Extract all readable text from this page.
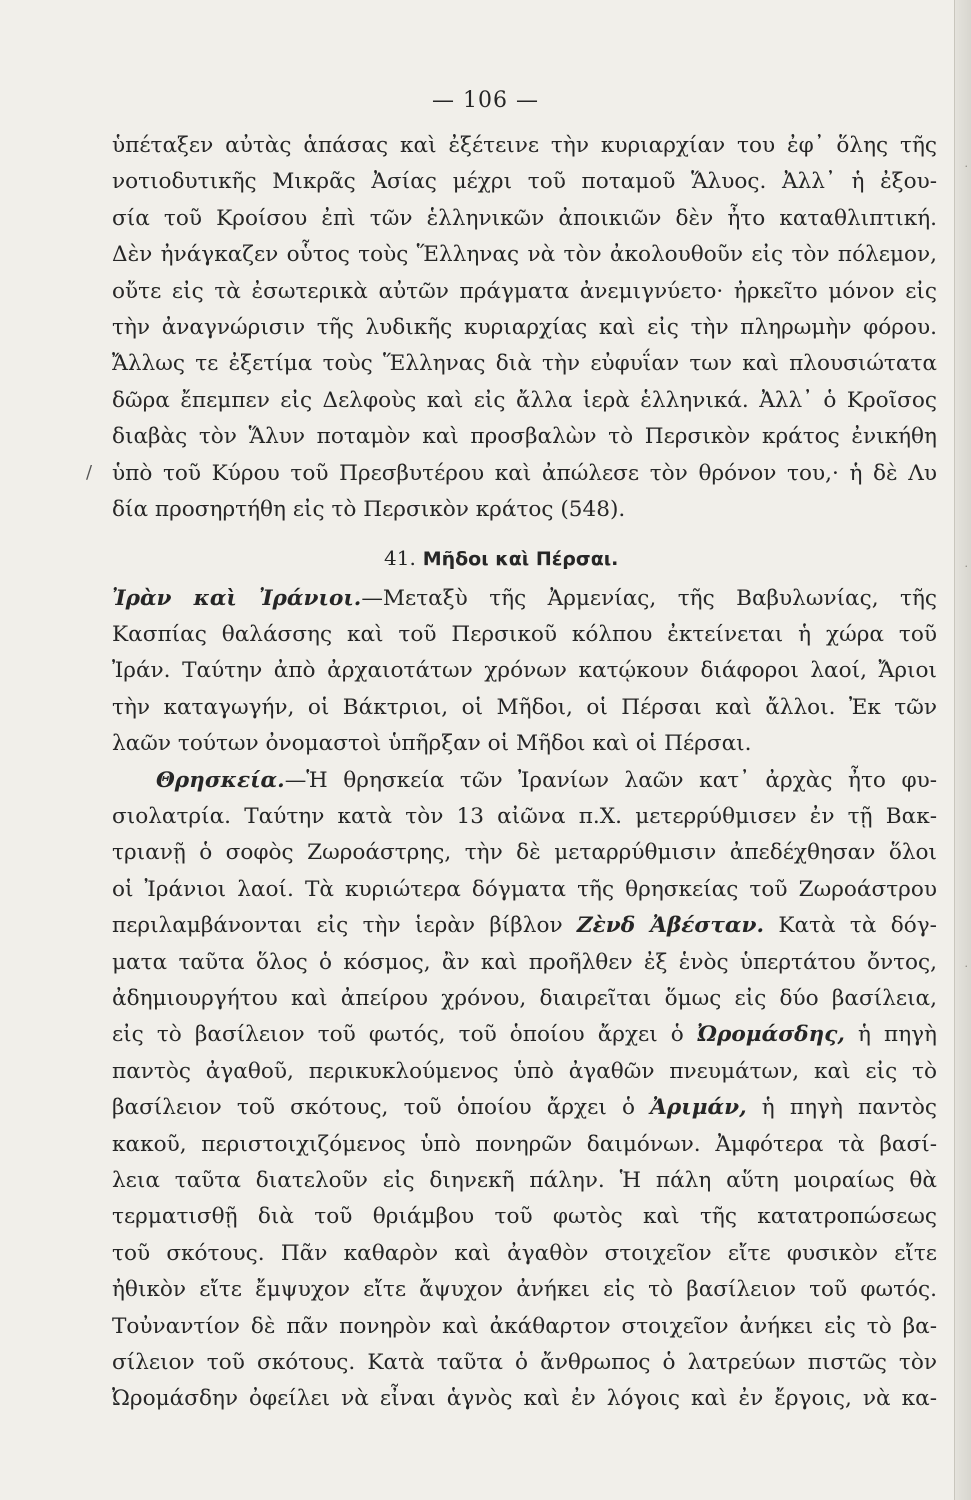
·
·
·
— 106 —
/
ὑπέταξεν αὐτὰς ἁπάσας καὶ ἐξέτεινε τὴν κυριαρχίαν του ἐφ᾽ ὅλης τῆς
νοτιοδυτικῆς Μικρᾶς Ἀσίας μέχρι τοῦ ποταμοῦ Ἅλυος. Ἀλλ᾽ ἡ ἐξου-
σία τοῦ Κροίσου ἐπὶ τῶν ἑλληνικῶν ἀποικιῶν δὲν ἦτο καταθλιπτική.
Δὲν ἠνάγκαζεν οὗτος τοὺς Ἕλληνας νὰ τὸν ἀκολουθοῦν εἰς τὸν πόλεμον,
οὔτε εἰς τὰ ἐσωτερικὰ αὐτῶν πράγματα ἀνεμιγνύετο· ἠρκεῖτο μόνον εἰς
τὴν ἀναγνώρισιν τῆς λυδικῆς κυριαρχίας καὶ εἰς τὴν πληρωμὴν φόρου.
Ἄλλως τε ἐξετίμα τοὺς Ἕλληνας διὰ τὴν εὐφυΐαν των καὶ πλουσιώτατα
δῶρα ἔπεμπεν εἰς Δελφοὺς καὶ εἰς ἄλλα ἱερὰ ἑλληνικά. Ἀλλ᾽ ὁ Κροῖσος
διαβὰς τὸν Ἅλυν ποταμὸν καὶ προσβαλὼν τὸ Περσικὸν κράτος ἐνικήθη
ὑπὸ τοῦ Κύρου τοῦ Πρεσβυτέρου καὶ ἀπώλεσε τὸν θρόνον του,· ἡ δὲ Λυ
δία προσηρτήθη εἰς τὸ Περσικὸν κράτος (548).
41. Μῆδοι καὶ Πέρσαι.
Ἰρὰν καὶ Ἰράνιοι.—Μεταξὺ τῆς Ἀρμενίας, τῆς Βαβυλωνίας, τῆς
Κασπίας θαλάσσης καὶ τοῦ Περσικοῦ κόλπου ἐκτείνεται ἡ χώρα τοῦ
Ἰράν. Ταύτην ἀπὸ ἀρχαιοτάτων χρόνων κατῴκουν διάφοροι λαοί, Ἄριοι
τὴν καταγωγήν, οἱ Βάκτριοι, οἱ Μῆδοι, οἱ Πέρσαι καὶ ἄλλοι. Ἐκ τῶν
λαῶν τούτων ὀνομαστοὶ ὑπῆρξαν οἱ Μῆδοι καὶ οἱ Πέρσαι.
Θρησκεία.—Ἡ θρησκεία τῶν Ἰρανίων λαῶν κατ᾽ ἀρχὰς ἦτο φυ-
σιολατρία. Ταύτην κατὰ τὸν 13 αἰῶνα π.Χ. μετερρύθμισεν ἐν τῇ Βακ-
τριανῇ ὁ σοφὸς Ζωροάστρης, τὴν δὲ μεταρρύθμισιν ἀπεδέχθησαν ὅλοι
οἱ Ἰράνιοι λαοί. Τὰ κυριώτερα δόγματα τῆς θρησκείας τοῦ Ζωροάστρου
περιλαμβάνονται εἰς τὴν ἱερὰν βίβλον Ζὲνδ Ἀβέσταν. Κατὰ τὰ δόγ-
ματα ταῦτα ὅλος ὁ κόσμος, ἂν καὶ προῆλθεν ἐξ ἑνὸς ὑπερτάτου ὄντος,
ἀδημιουργήτου καὶ ἀπείρου χρόνου, διαιρεῖται ὅμως εἰς δύο βασίλεια,
εἰς τὸ βασίλειον τοῦ φωτός, τοῦ ὁποίου ἄρχει ὁ Ὠρομάσδης, ἡ πηγὴ
παντὸς ἀγαθοῦ, περικυκλούμενος ὑπὸ ἀγαθῶν πνευμάτων, καὶ εἰς τὸ
βασίλειον τοῦ σκότους, τοῦ ὁποίου ἄρχει ὁ Ἀριμάν, ἡ πηγὴ παντὸς
κακοῦ, περιστοιχιζόμενος ὑπὸ πονηρῶν δαιμόνων. Ἀμφότερα τὰ βασί-
λεια ταῦτα διατελοῦν εἰς διηνεκῆ πάλην. Ἡ πάλη αὕτη μοιραίως θὰ
τερματισθῇ διὰ τοῦ θριάμβου τοῦ φωτὸς καὶ τῆς κατατροπώσεως
τοῦ σκότους. Πᾶν καθαρὸν καὶ ἀγαθὸν στοιχεῖον εἴτε φυσικὸν εἴτε
ἠθικὸν εἴτε ἔμψυχον εἴτε ἄψυχον ἀνήκει εἰς τὸ βασίλειον τοῦ φωτός.
Τοὐναντίον δὲ πᾶν πονηρὸν καὶ ἀκάθαρτον στοιχεῖον ἀνήκει εἰς τὸ βα-
σίλειον τοῦ σκότους. Κατὰ ταῦτα ὁ ἄνθρωπος ὁ λατρεύων πιστῶς τὸν
Ὠρομάσδην ὀφείλει νὰ εἶναι ἁγνὸς καὶ ἐν λόγοις καὶ ἐν ἔργοις, νὰ κα-
